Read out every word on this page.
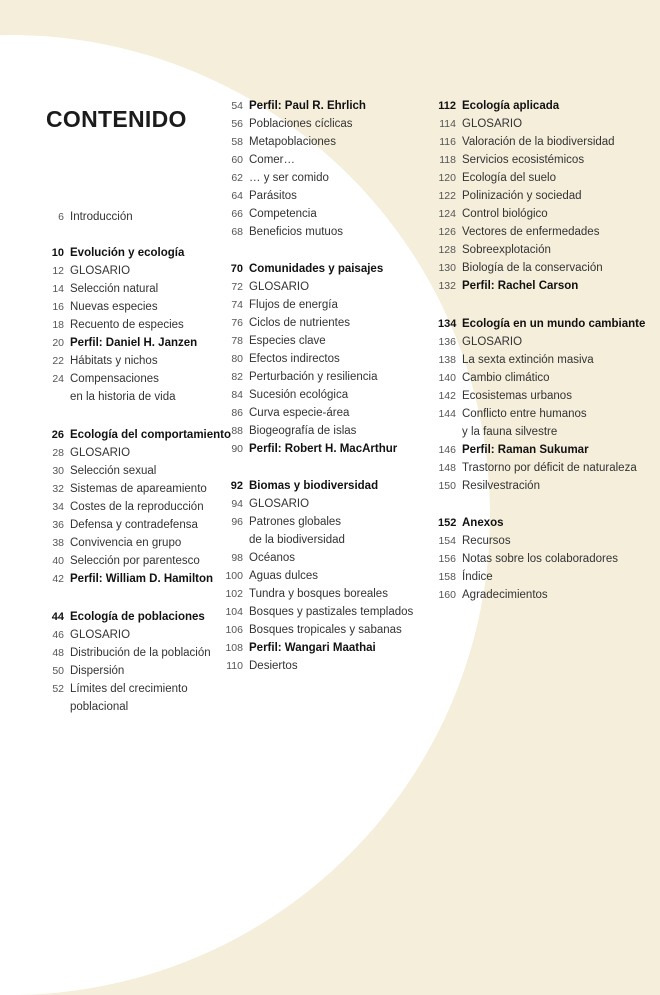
CONTENIDO
6 Introducción
10 Evolución y ecología
12 GLOSARIO
14 Selección natural
16 Nuevas especies
18 Recuento de especies
20 Perfil: Daniel H. Janzen
22 Hábitats y nichos
24 Compensaciones
en la historia de vida
26 Ecología del comportamiento
28 GLOSARIO
30 Selección sexual
32 Sistemas de apareamiento
34 Costes de la reproducción
36 Defensa y contradefensa
38 Convivencia en grupo
40 Selección por parentesco
42 Perfil: William D. Hamilton
44 Ecología de poblaciones
46 GLOSARIO
48 Distribución de la población
50 Dispersión
52 Límites del crecimiento
poblacional
54 Perfil: Paul R. Ehrlich
56 Poblaciones cíclicas
58 Metapoblaciones
60 Comer…
62 … y ser comido
64 Parásitos
66 Competencia
68 Beneficios mutuos
70 Comunidades y paisajes
72 GLOSARIO
74 Flujos de energía
76 Ciclos de nutrientes
78 Especies clave
80 Efectos indirectos
82 Perturbación y resiliencia
84 Sucesión ecológica
86 Curva especie-área
88 Biogeografía de islas
90 Perfil: Robert H. MacArthur
92 Biomas y biodiversidad
94 GLOSARIO
96 Patrones globales
de la biodiversidad
98 Océanos
100 Aguas dulces
102 Tundra y bosques boreales
104 Bosques y pastizales templados
106 Bosques tropicales y sabanas
108 Perfil: Wangari Maathai
110 Desiertos
112 Ecología aplicada
114 GLOSARIO
116 Valoración de la biodiversidad
118 Servicios ecosistémicos
120 Ecología del suelo
122 Polinización y sociedad
124 Control biológico
126 Vectores de enfermedades
128 Sobreexplotación
130 Biología de la conservación
132 Perfil: Rachel Carson
134 Ecología en un mundo cambiante
136 GLOSARIO
138 La sexta extinción masiva
140 Cambio climático
142 Ecosistemas urbanos
144 Conflicto entre humanos
y la fauna silvestre
146 Perfil: Raman Sukumar
148 Trastorno por déficit de naturaleza
150 Resilvestración
152 Anexos
154 Recursos
156 Notas sobre los colaboradores
158 Índice
160 Agradecimientos
